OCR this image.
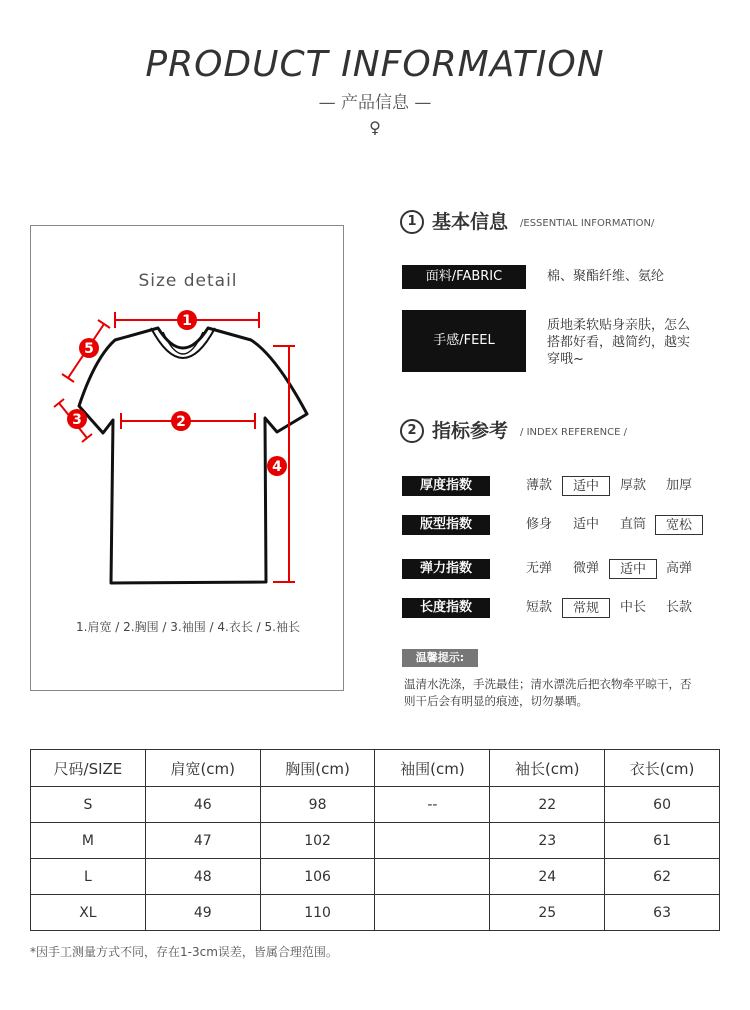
PRODUCT INFORMATION
— 产品信息 —
♀
Size detail
1
2
4
5
3
1.肩宽 / 2.胸围 / 3.袖围 / 4.衣长 / 5.袖长
1 基本信息 /ESSENTIAL INFORMATION/
面料/FABRIC	棉、聚酯纤维、氨纶
手感/FEEL
质地柔软贴身亲肤，怎么
搭都好看，越简约，越实
穿哦~
2 指标参考 / INDEX REFERENCE /
厚度指数	薄款	适中	厚款	加厚
版型指数	修身	适中	直筒	宽松
弹力指数	无弹	微弹	适中	高弹
长度指数	短款	常规	中长	长款
温馨提示:
温清水洗涤，手洗最佳；清水漂洗后把衣物牵平晾干，否
则干后会有明显的痕迹，切勿暴晒。
尺码/SIZE	肩宽(cm)	胸围(cm)	袖围(cm)	袖长(cm)	衣长(cm)
S	46	98	--	22	60
M	47	102		23	61
L	48	106		24	62
XL	49	110		25	63
*因手工测量方式不同，存在1-3cm误差，皆属合理范围。
